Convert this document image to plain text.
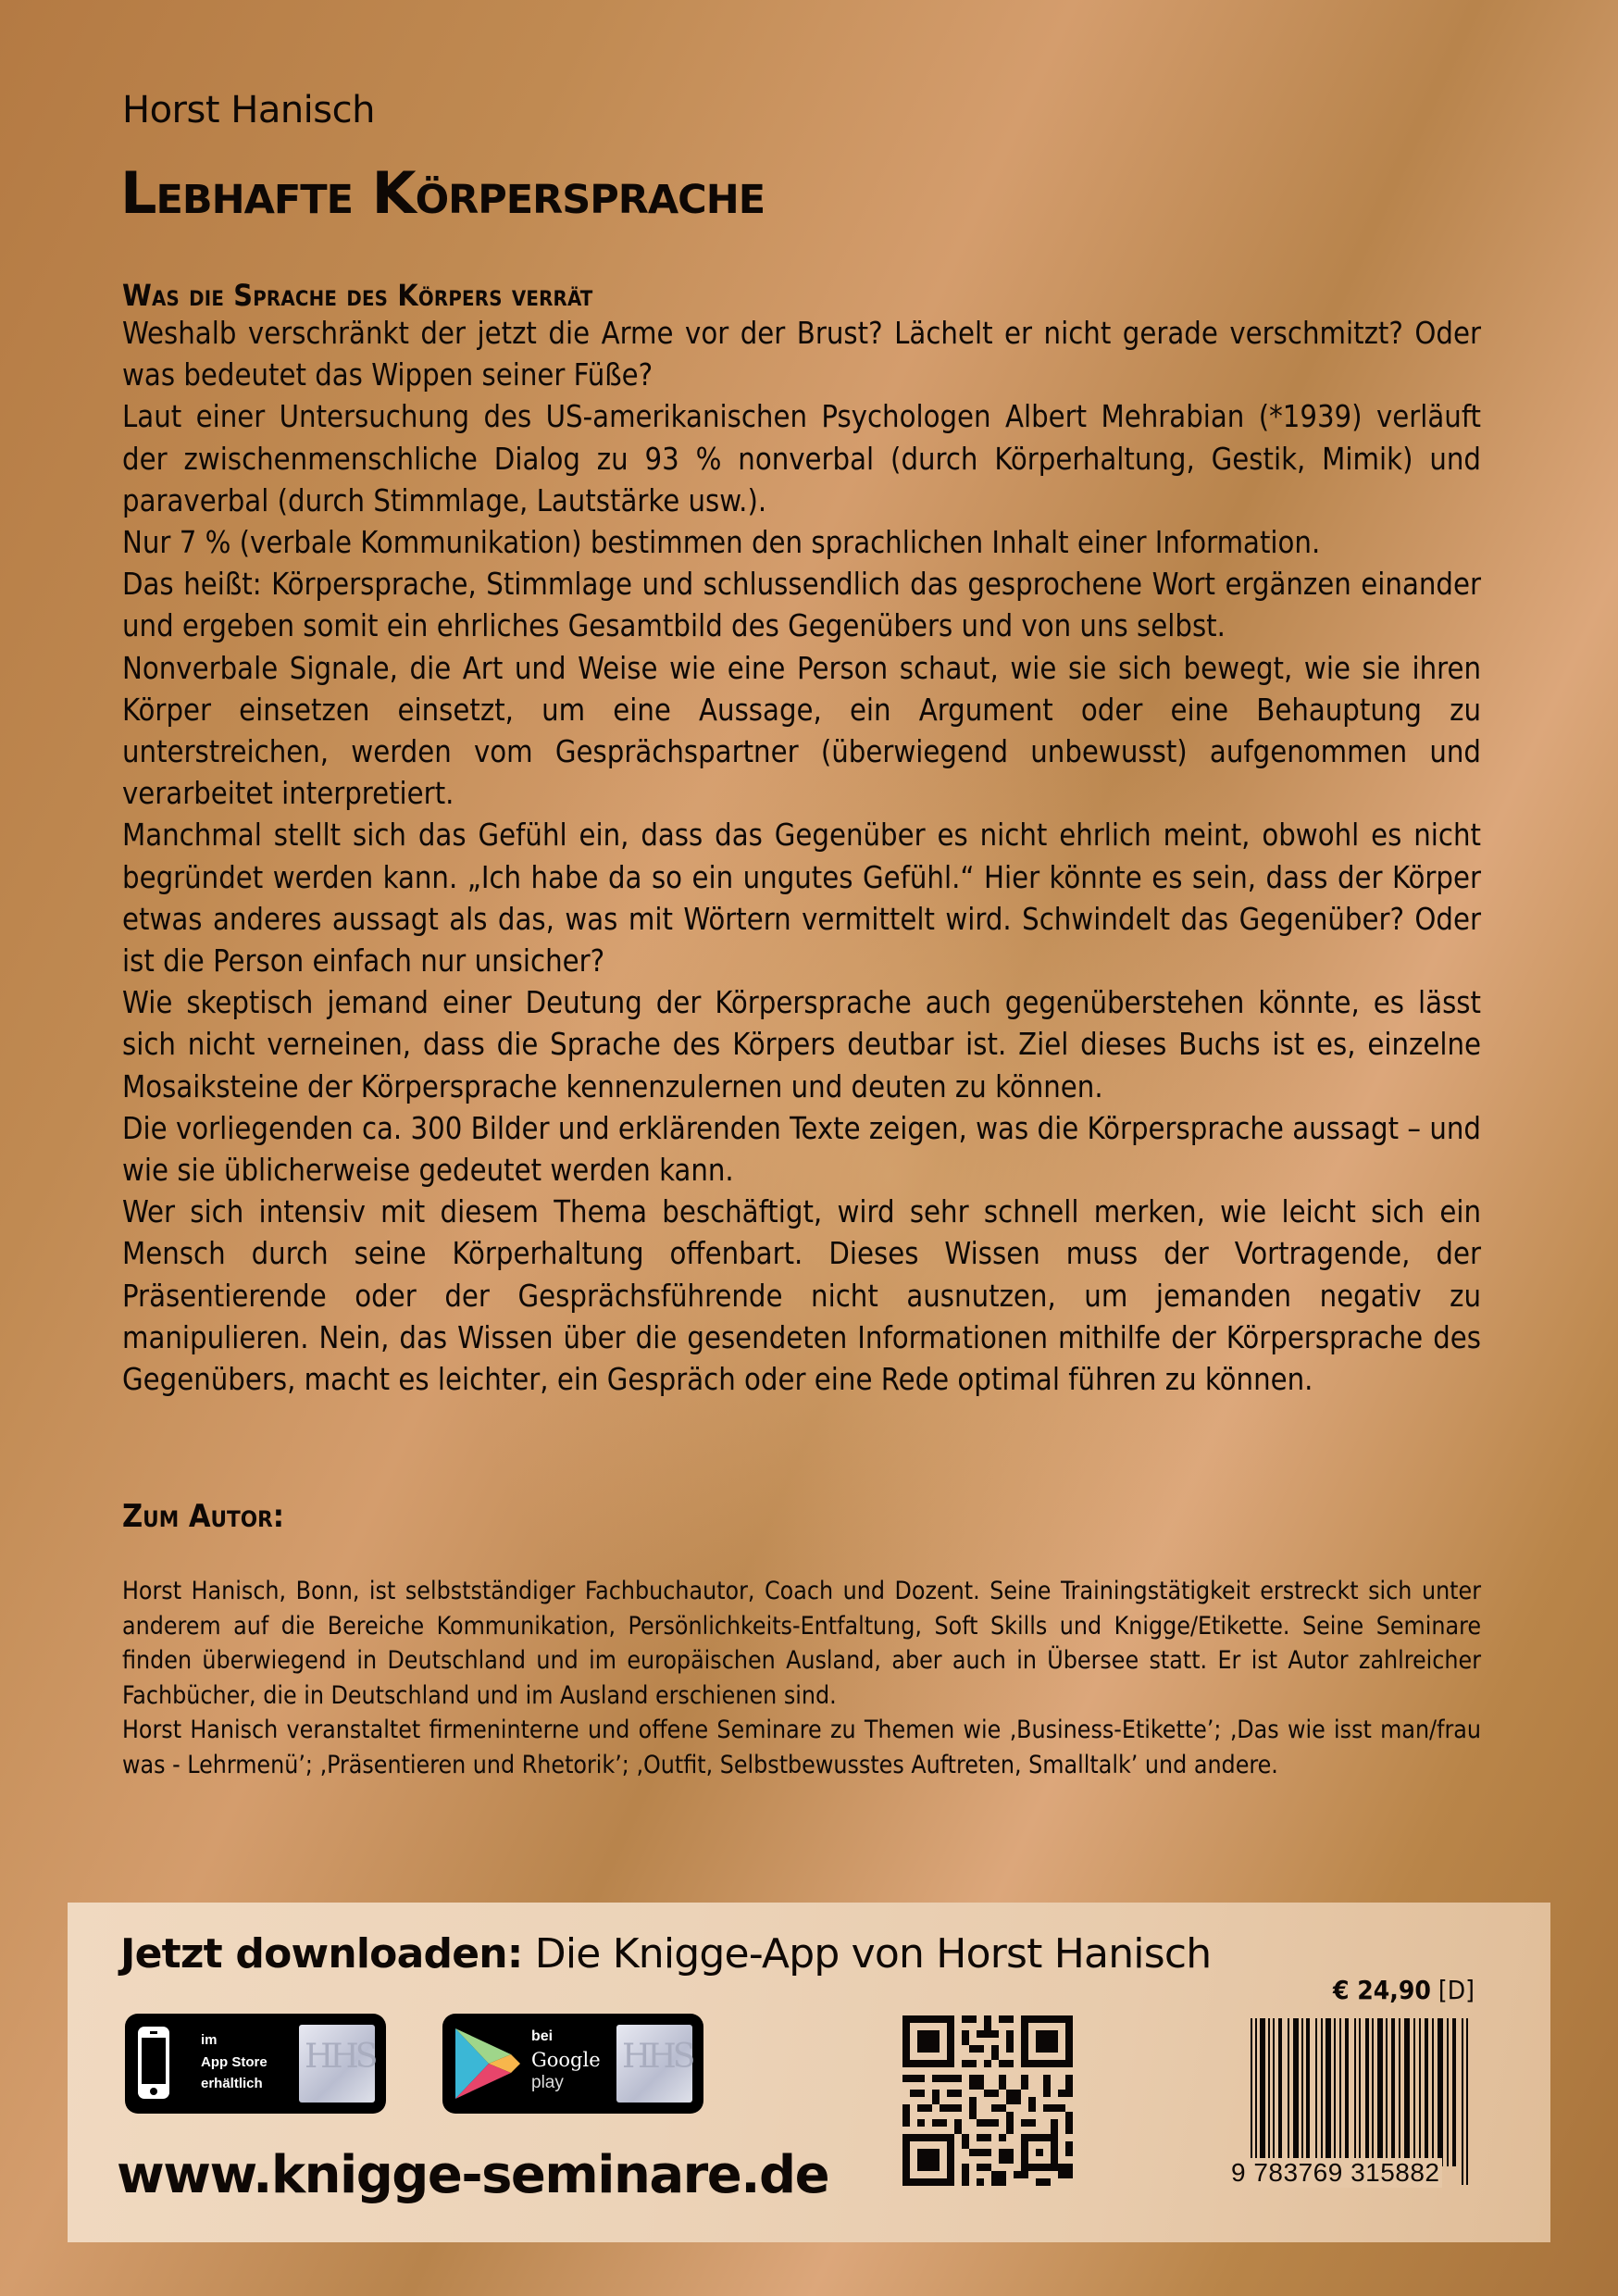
Horst Hanisch
Lebhafte Körpersprache
Was die Sprache des Körpers verrät

Weshalb verschränkt der jetzt die Arme vor der Brust? Lächelt er nicht gerade verschmitzt? Oder was bedeutet das Wippen seiner Füße?

Laut einer Untersuchung des US-amerikanischen Psychologen Albert Mehrabian (*1939) verläuft der zwischenmenschliche Dialog zu 93 % nonverbal (durch Körperhaltung, Gestik, Mimik) und paraverbal (durch Stimmlage, Lautstärke usw.).

Nur 7 % (verbale Kommunikation) bestimmen den sprachlichen Inhalt einer Information.

Das heißt: Körpersprache, Stimmlage und schlussendlich das gesprochene Wort ergänzen einander und ergeben somit ein ehrliches Gesamtbild des Gegenübers und von uns selbst.

Nonverbale Signale, die Art und Weise wie eine Person schaut, wie sie sich bewegt, wie sie ihren Körper einsetzen einsetzt, um eine Aussage, ein Argument oder eine Behauptung zu unterstreichen, werden vom Gesprächspartner (überwiegend unbewusst) aufgenommen und verarbeitet interpretiert.

Manchmal stellt sich das Gefühl ein, dass das Gegenüber es nicht ehrlich meint, obwohl es nicht begründet werden kann. „Ich habe da so ein ungutes Gefühl.“ Hier könnte es sein, dass der Körper etwas anderes aussagt als das, was mit Wörtern vermittelt wird. Schwindelt das Gegenüber? Oder ist die Person einfach nur unsicher?

Wie skeptisch jemand einer Deutung der Körpersprache auch gegenüberstehen könnte, es lässt sich nicht verneinen, dass die Sprache des Körpers deutbar ist. Ziel dieses Buchs ist es, einzelne Mosaiksteine der Körpersprache kennenzulernen und deuten zu können.

Die vorliegenden ca. 300 Bilder und erklärenden Texte zeigen, was die Körpersprache aussagt – und wie sie üblicherweise gedeutet werden kann.

Wer sich intensiv mit diesem Thema beschäftigt, wird sehr schnell merken, wie leicht sich ein Mensch durch seine Körperhaltung offenbart. Dieses Wissen muss der Vortragende, der Präsentierende oder der Gesprächsführende nicht ausnutzen, um jemanden negativ zu manipulieren. Nein, das Wissen über die gesendeten Informationen mithilfe der Körpersprache des Gegenübers, macht es leichter, ein Gespräch oder eine Rede optimal führen zu können.

Zum Autor:

Horst Hanisch, Bonn, ist selbstständiger Fachbuchautor, Coach und Dozent. Seine Trainingstätigkeit erstreckt sich unter anderem auf die Bereiche Kommunikation, Persönlichkeits-Entfaltung, Soft Skills und Knigge/Etikette. Seine Seminare finden überwiegend in Deutschland und im europäischen Ausland, aber auch in Übersee statt. Er ist Autor zahlreicher Fachbücher, die in Deutschland und im Ausland erschienen sind.

Horst Hanisch veranstaltet firmeninterne und offene Seminare zu Themen wie ‚Business-Etikette’; ‚Das wie isst man/frau was - Lehrmenü’; ‚Präsentieren und Rhetorik’; ‚Outfit, Selbstbewusstes Auftreten, Smalltalk’ und andere.

Jetzt downloaden: Die Knigge-App von Horst Hanisch
im
App Store
erhältlich
HHS
bei
Google
play
HHS
www.knigge-seminare.de
€ 24,90 [D]
9 783769 315882
